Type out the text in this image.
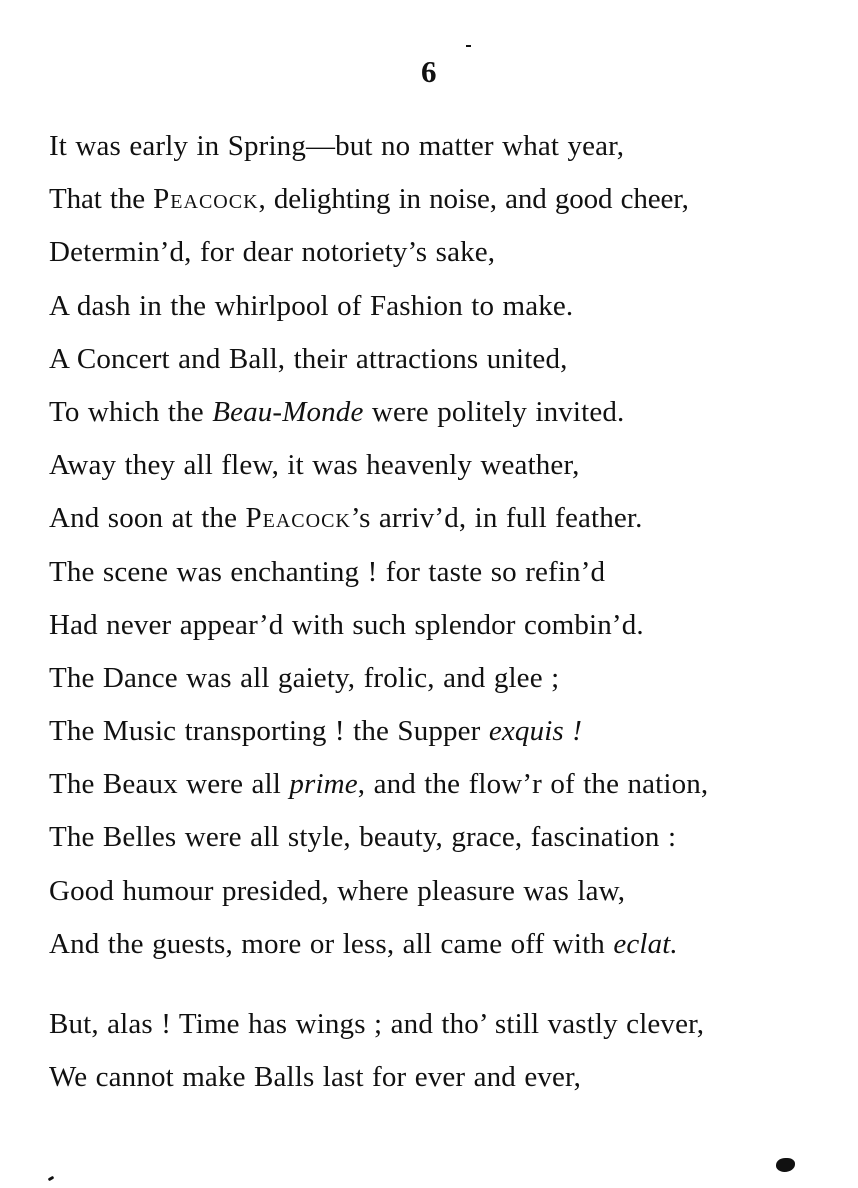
6
It was early in Spring—but no matter what year,
That the Peacock, delighting in noise, and good cheer,
Determin’d, for dear notoriety’s sake,
A dash in the whirlpool of Fashion to make.
A Concert and Ball, their attractions united,
To which the Beau-Monde were politely invited.
Away they all flew, it was heavenly weather,
And soon at the Peacock’s arriv’d, in full feather.
The scene was enchanting ! for taste so refin’d
Had never appear’d with such splendor combin’d.
The Dance was all gaiety, frolic, and glee ;
The Music transporting ! the Supper exquis !
The Beaux were all prime, and the flow’r of the nation,
The Belles were all style, beauty, grace, fascination :
Good humour presided, where pleasure was law,
And the guests, more or less, all came off with eclat.
But, alas ! Time has wings ; and tho’ still vastly clever,
We cannot make Balls last for ever and ever,
